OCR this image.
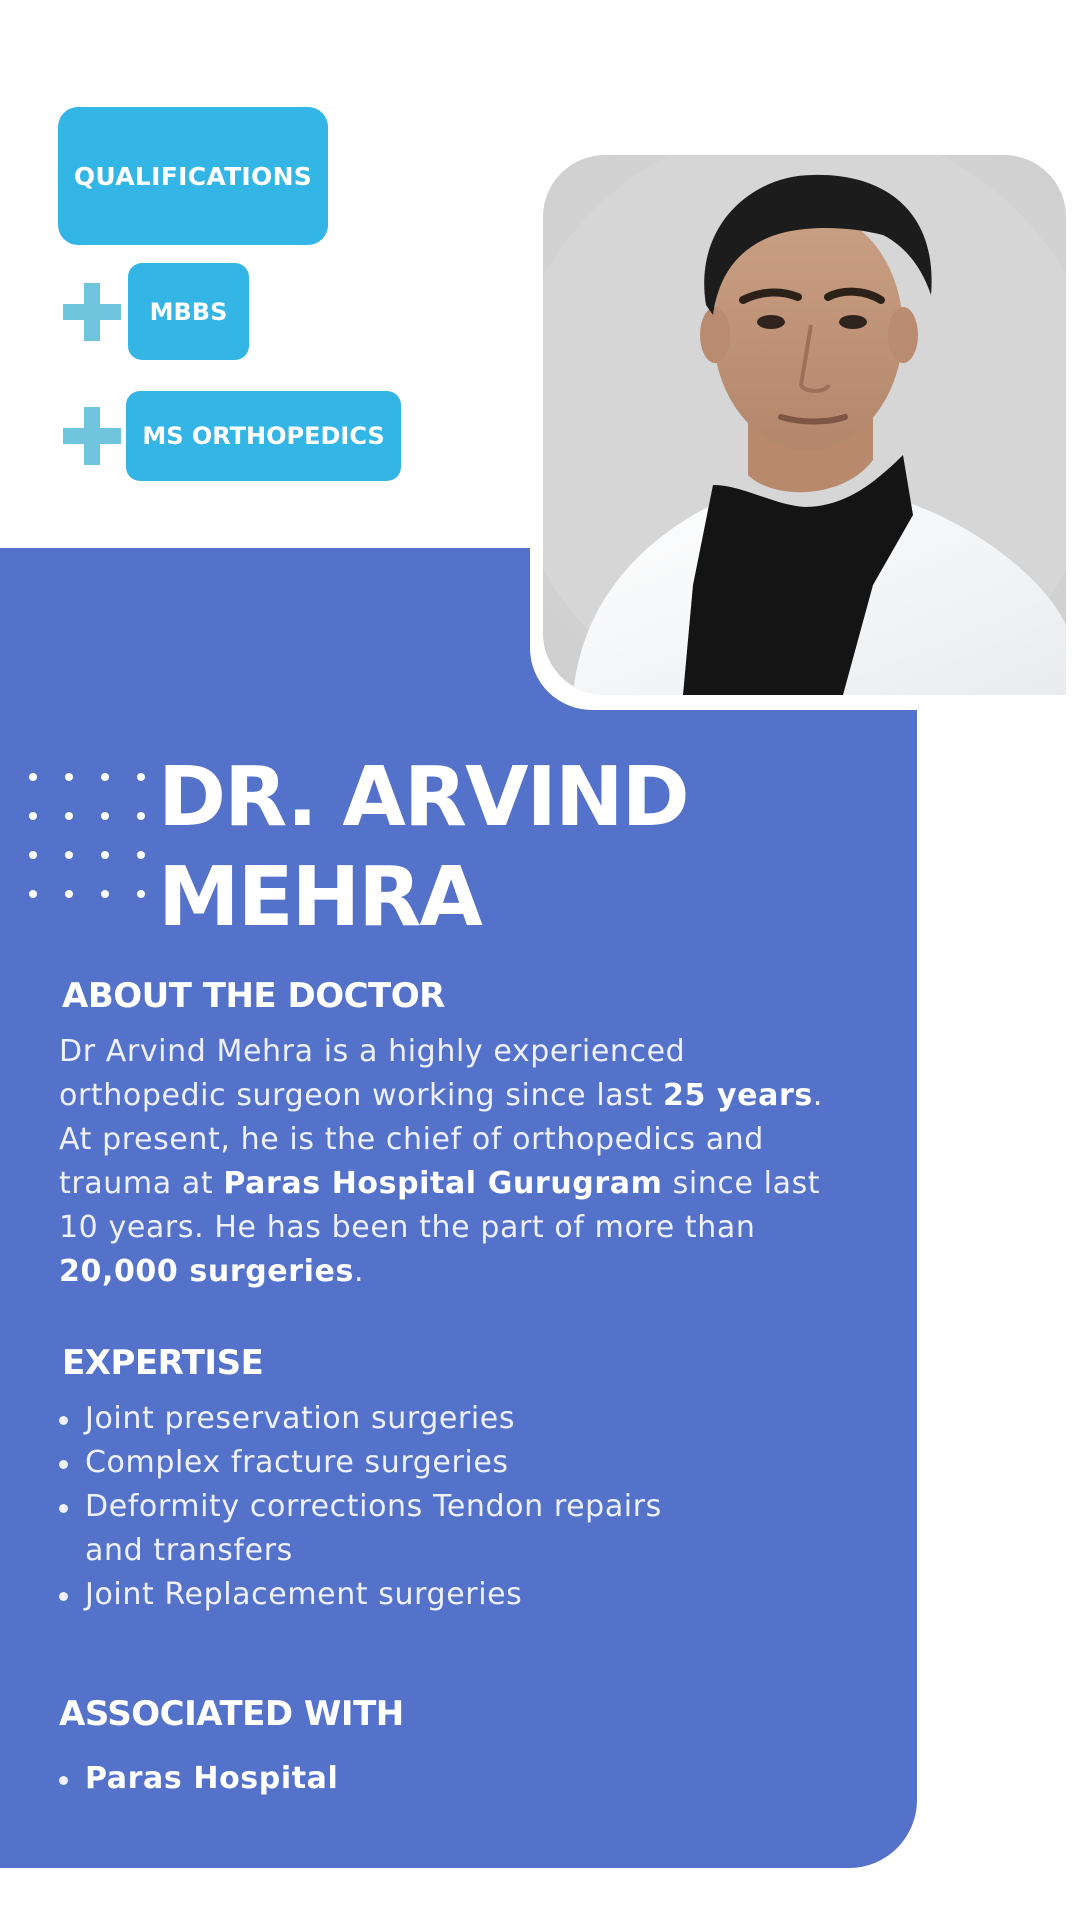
QUALIFICATIONS
MBBS
MS ORTHOPEDICS
DR. ARVIND
MEHRA
ABOUT THE DOCTOR

Dr Arvind Mehra is a highly experienced orthopedic surgeon working since last 25 years. At present, he is the chief of orthopedics and trauma at Paras Hospital Gurugram since last 10 years. He has been the part of more than 20,000 surgeries.

EXPERTISE
Joint preservation surgeries
Complex fracture surgeries
Deformity corrections Tendon repairs and transfers
Joint Replacement surgeries
ASSOCIATED WITH
Paras Hospital
